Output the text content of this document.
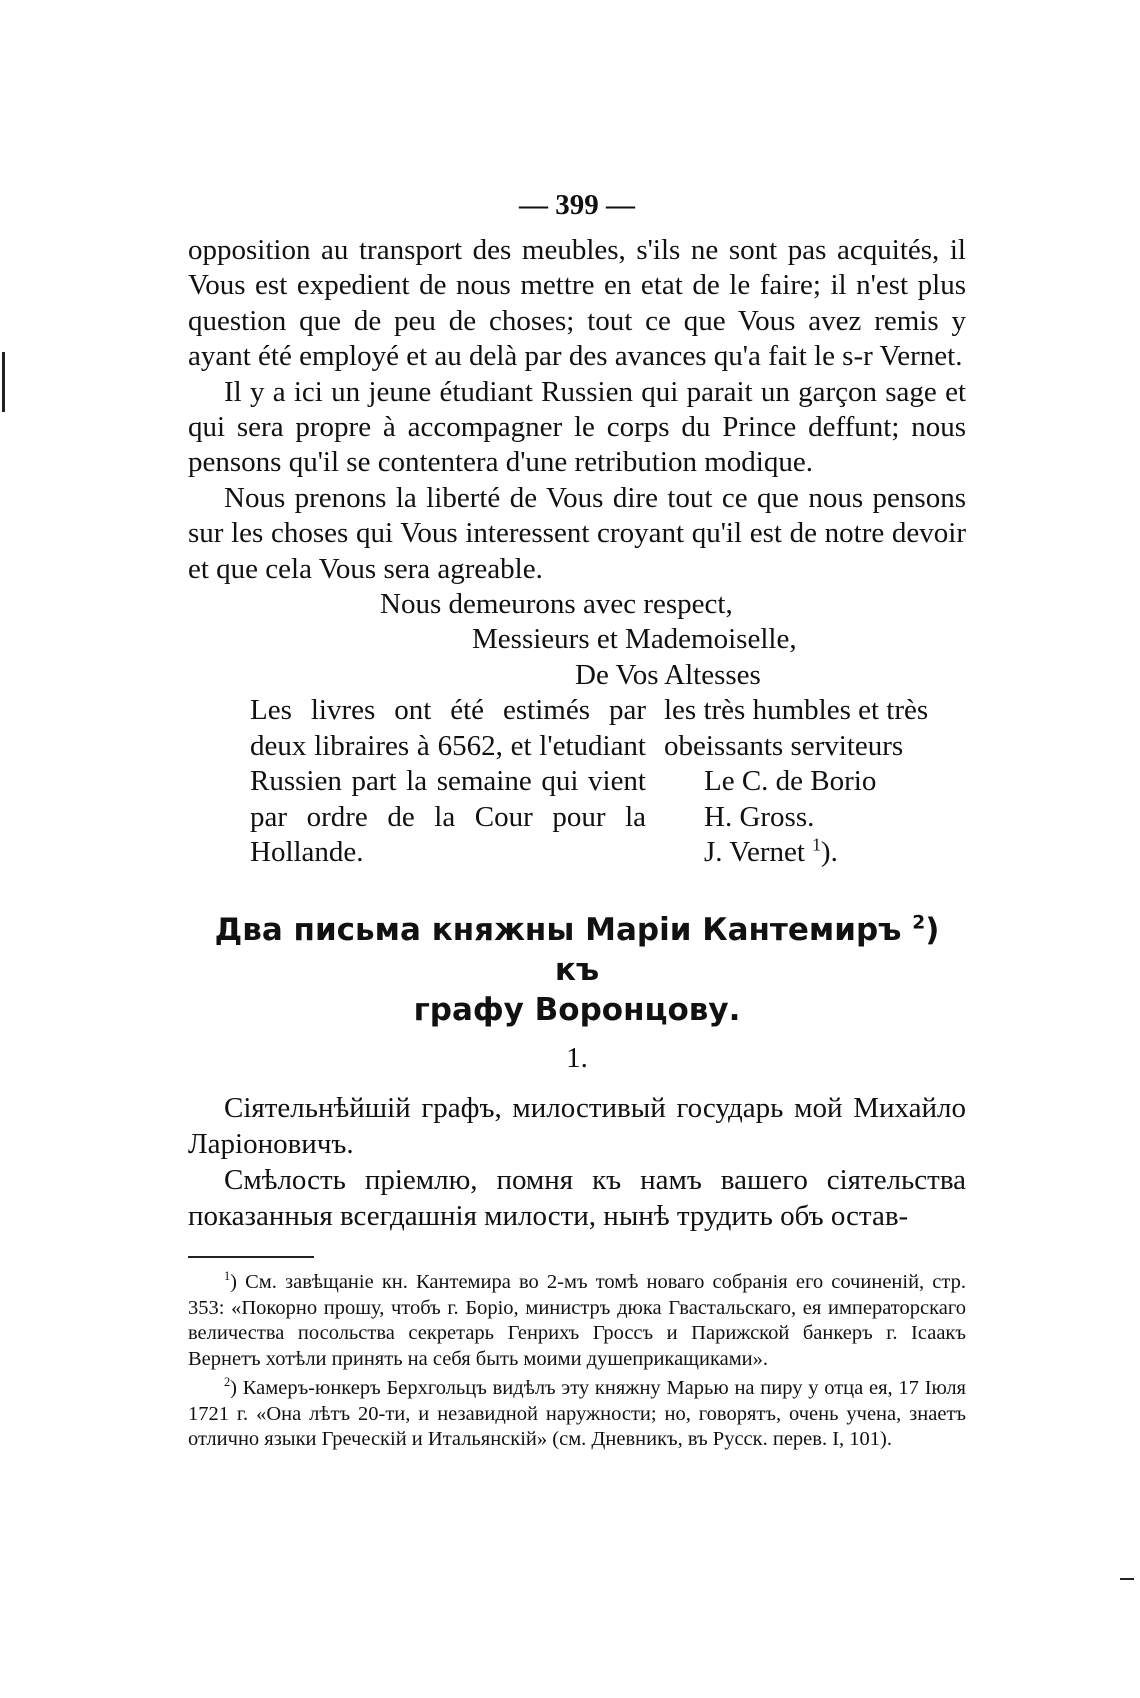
— 399 —

opposition au transport des meubles, s'ils ne sont pas acquités, il Vous est expedient de nous mettre en etat de le faire; il n'est plus question que de peu de choses; tout ce que Vous avez remis y ayant été employé et au delà par des avances qu'a fait le s-r Vernet.

Il y a ici un jeune étudiant Russien qui parait un garçon sage et qui sera propre à accompagner le corps du Prince deffunt; nous pensons qu'il se contentera d'une retribution modique.

Nous prenons la liberté de Vous dire tout ce que nous pensons sur les choses qui Vous interessent croyant qu'il est de notre devoir et que cela Vous sera agreable.

Nous demeurons avec respect,

Messieurs et Mademoiselle,

De Vos Altesses

Les livres ont été estimés par deux libraires à 6562, et l'etudiant Russien part la semaine qui vient par ordre de la Cour pour la Hollande.
les très humbles et très
obeissants serviteurs
Le C. de Borio
H. Gross.
J. Vernet $^1$).
Два письма княжны Маріи Кантемиръ $^2$) къ
графу Воронцову.
1.

Сіятельнѣйшій графъ, милостивый государь мой Михайло Ларіоновичъ.

Смѣлость пріемлю, помня къ намъ вашего сіятельства показанныя всегдашнія милости, нынѣ трудить объ остав-

$^1$) См. завѣщаніе кн. Кантемира во 2-мъ томѣ новаго собранія его сочиненій, стр. 353: «Покорно прошу, чтобъ г. Боріо, министръ дюка Гвастальскаго, ея императорскаго величества посольства секретарь Генрихъ Гроссъ и Парижской банкеръ г. Ісаакъ Вернетъ хотѣли принять на себя быть моими душеприкащиками».

$^2$) Камеръ-юнкеръ Берхгольцъ видѣлъ эту княжну Марью на пиру у отца ея, 17 Іюля 1721 г. «Она лѣтъ 20-ти, и незавидной наружности; но, говорятъ, очень учена, знаетъ отлично языки Греческій и Итальянскій» (см. Дневникъ, въ Русск. перев. I, 101).
